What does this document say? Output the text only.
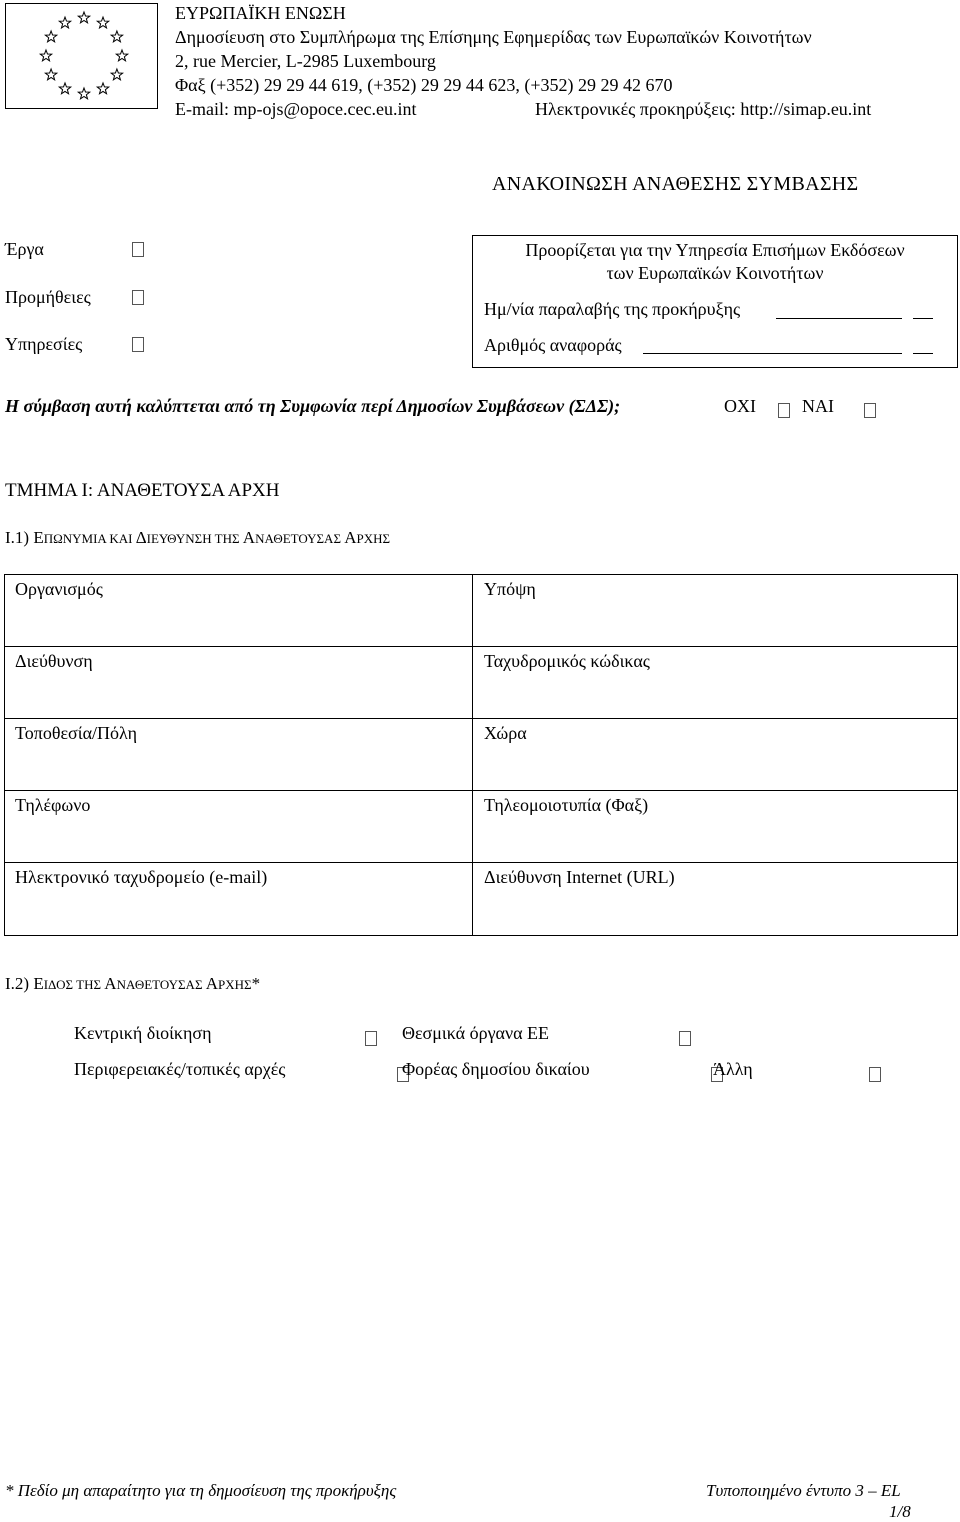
ΕΥΡΩΠΑΪΚΗ ΕΝΩΣΗ
Δημοσίευση στο Συμπλήρωμα της Επίσημης Εφημερίδας των Ευρωπαϊκών Κοινοτήτων
2, rue Mercier, L-2985 Luxembourg
Φαξ (+352) 29 29 44 619, (+352) 29 29 44 623, (+352) 29 29 42 670
E-mail: mp-ojs@opoce.cec.eu.int	Ηλεκτρονικές προκηρύξεις: http://simap.eu.int
ΑΝΑΚΟΙΝΩΣΗ ΑΝΑΘΕΣΗΣ ΣΥΜΒΑΣΗΣ
Έργα
Προμήθειες
Υπηρεσίες
Προορίζεται για την Υπηρεσία Επισήμων Εκδόσεων
των Ευρωπαϊκών Κοινοτήτων
Ημ/νία παραλαβής της προκήρυξης
Αριθμός αναφοράς
Η σύμβαση αυτή καλύπτεται από τη Συμφωνία περί Δημοσίων Συμβάσεων (ΣΔΣ);	ΟΧΙ
	ΝΑΙ

ΤΜΗΜΑ Ι: ΑΝΑΘΕΤΟΥΣΑ ΑΡΧΗ
I.1) ΕΠΩΝΥΜΙΑ ΚΑΙ ΔΙΕΥΘΥΝΣΗ ΤΗΣ ΑΝΑΘΕΤΟΥΣΑΣ ΑΡΧΗΣ
Οργανισμός	Υπόψη
Διεύθυνση	Ταχυδρομικός κώδικας
Τοποθεσία/Πόλη	Χώρα
Τηλέφωνο	Τηλεομοιοτυπία (Φαξ)
Ηλεκτρονικό ταχυδρομείο (e-mail)	Διεύθυνση Internet (URL)
I.2) ΕΙΔΟΣ ΤΗΣ ΑΝΑΘΕΤΟΥΣΑΣ ΑΡΧΗΣ*
Κεντρική διοίκηση
	Θεσμικά όργανα ΕΕ

Περιφερειακές/τοπικές αρχές
	Φορέας δημοσίου δικαίου
	Άλλη
* Πεδίο μη απαραίτητο για τη δημοσίευση της προκήρυξης	Τυποποιημένο έντυπο 3 – EL
1/8
